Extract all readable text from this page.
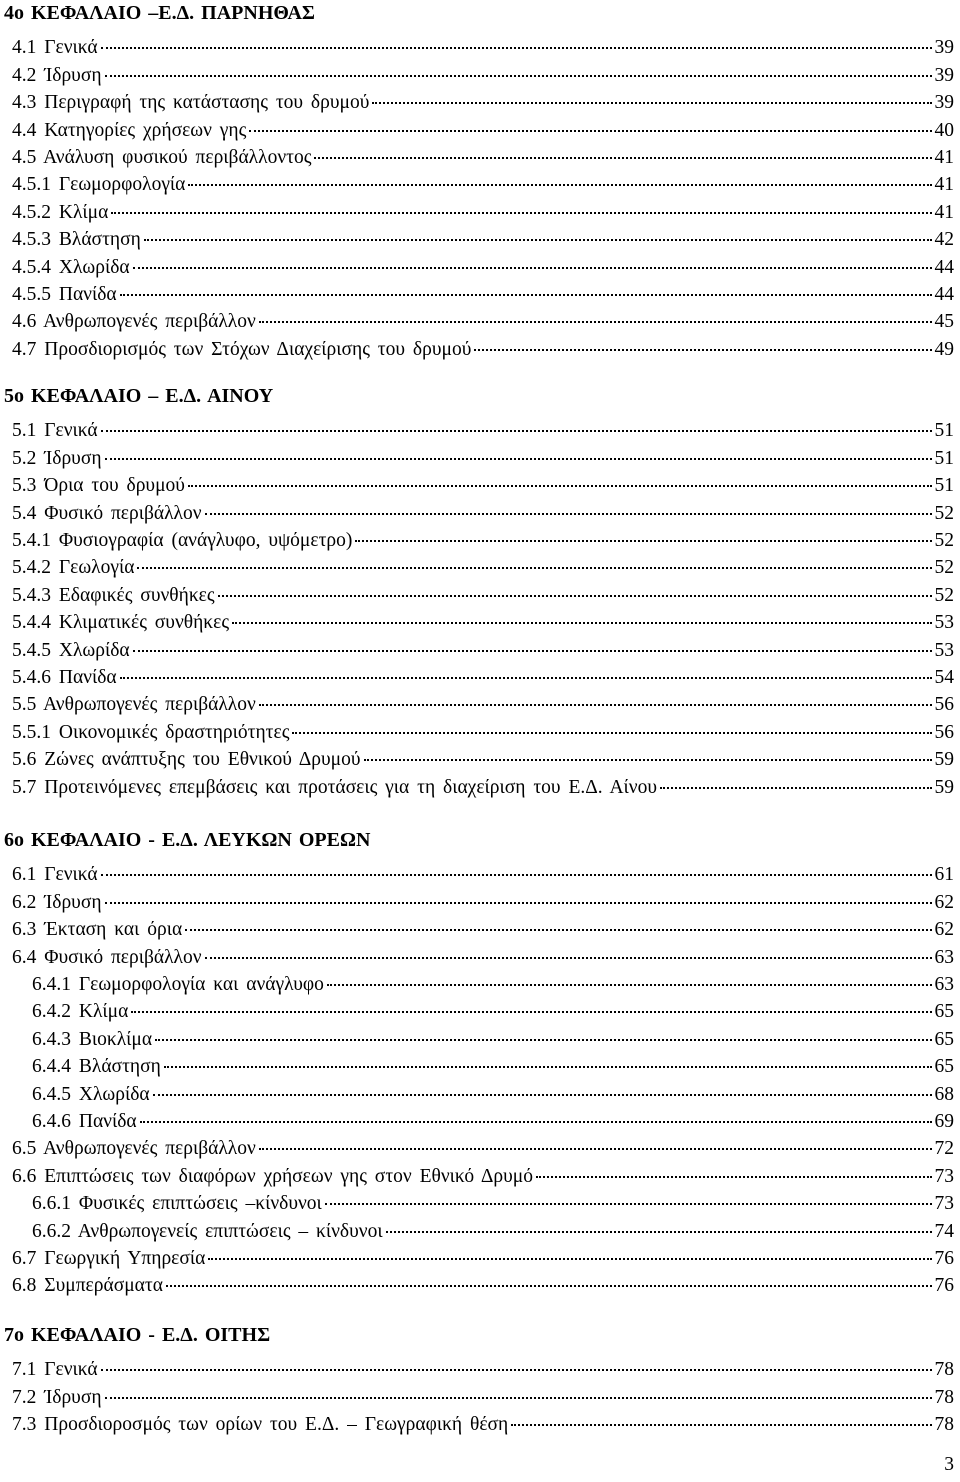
4ο ΚΕΦΑΛΑΙΟ –Ε.Δ. ΠΑΡΝΗΘΑΣ
4.1 Γενικά	39
4.2 Ίδρυση	39
4.3 Περιγραφή της κατάστασης του δρυμού	39
4.4 Κατηγορίες χρήσεων γης	40
4.5 Ανάλυση φυσικού περιβάλλοντος	41
4.5.1 Γεωμορφολογία	41
4.5.2 Κλίμα	41
4.5.3 Βλάστηση	42
4.5.4 Χλωρίδα	44
4.5.5 Πανίδα	44
4.6 Ανθρωπογενές περιβάλλον	45
4.7 Προσδιορισμός των Στόχων Διαχείρισης του δρυμού	49
5ο ΚΕΦΑΛΑΙΟ – Ε.Δ. ΑΙΝΟΥ
5.1 Γενικά	51
5.2 Ίδρυση	51
5.3 Όρια του δρυμού	51
5.4 Φυσικό περιβάλλον	52
5.4.1 Φυσιογραφία (ανάγλυφο, υψόμετρο)	52
5.4.2 Γεωλογία	52
5.4.3 Εδαφικές συνθήκες	52
5.4.4 Κλιματικές συνθήκες	53
5.4.5 Χλωρίδα	53
5.4.6 Πανίδα	54
5.5 Ανθρωπογενές περιβάλλον	56
5.5.1 Οικονομικές δραστηριότητες	56
5.6 Ζώνες ανάπτυξης του Εθνικού Δρυμού	59
5.7 Προτεινόμενες επεμβάσεις και προτάσεις για τη διαχείριση του Ε.Δ. Αίνου	59
6ο ΚΕΦΑΛΑΙΟ - Ε.Δ. ΛΕΥΚΩΝ ΟΡΕΩΝ
6.1 Γενικά	61
6.2 Ίδρυση	62
6.3 Έκταση και όρια	62
6.4 Φυσικό περιβάλλον	63
6.4.1 Γεωμορφολογία και ανάγλυφο	63
6.4.2 Κλίμα	65
6.4.3 Βιοκλίμα	65
6.4.4 Βλάστηση	65
6.4.5 Χλωρίδα	68
6.4.6 Πανίδα	69
6.5 Ανθρωπογενές περιβάλλον	72
6.6 Επιπτώσεις των διαφόρων χρήσεων γης στον Εθνικό Δρυμό	73
6.6.1 Φυσικές επιπτώσεις –κίνδυνοι	73
6.6.2 Ανθρωπογενείς επιπτώσεις – κίνδυνοι	74
6.7 Γεωργική Υπηρεσία	76
6.8 Συμπεράσματα	76
7ο ΚΕΦΑΛΑΙΟ - Ε.Δ. ΟΙΤΗΣ
7.1 Γενικά	78
7.2 Ίδρυση	78
7.3 Προσδιοροσμός των ορίων του Ε.Δ. – Γεωγραφική θέση	78
3
